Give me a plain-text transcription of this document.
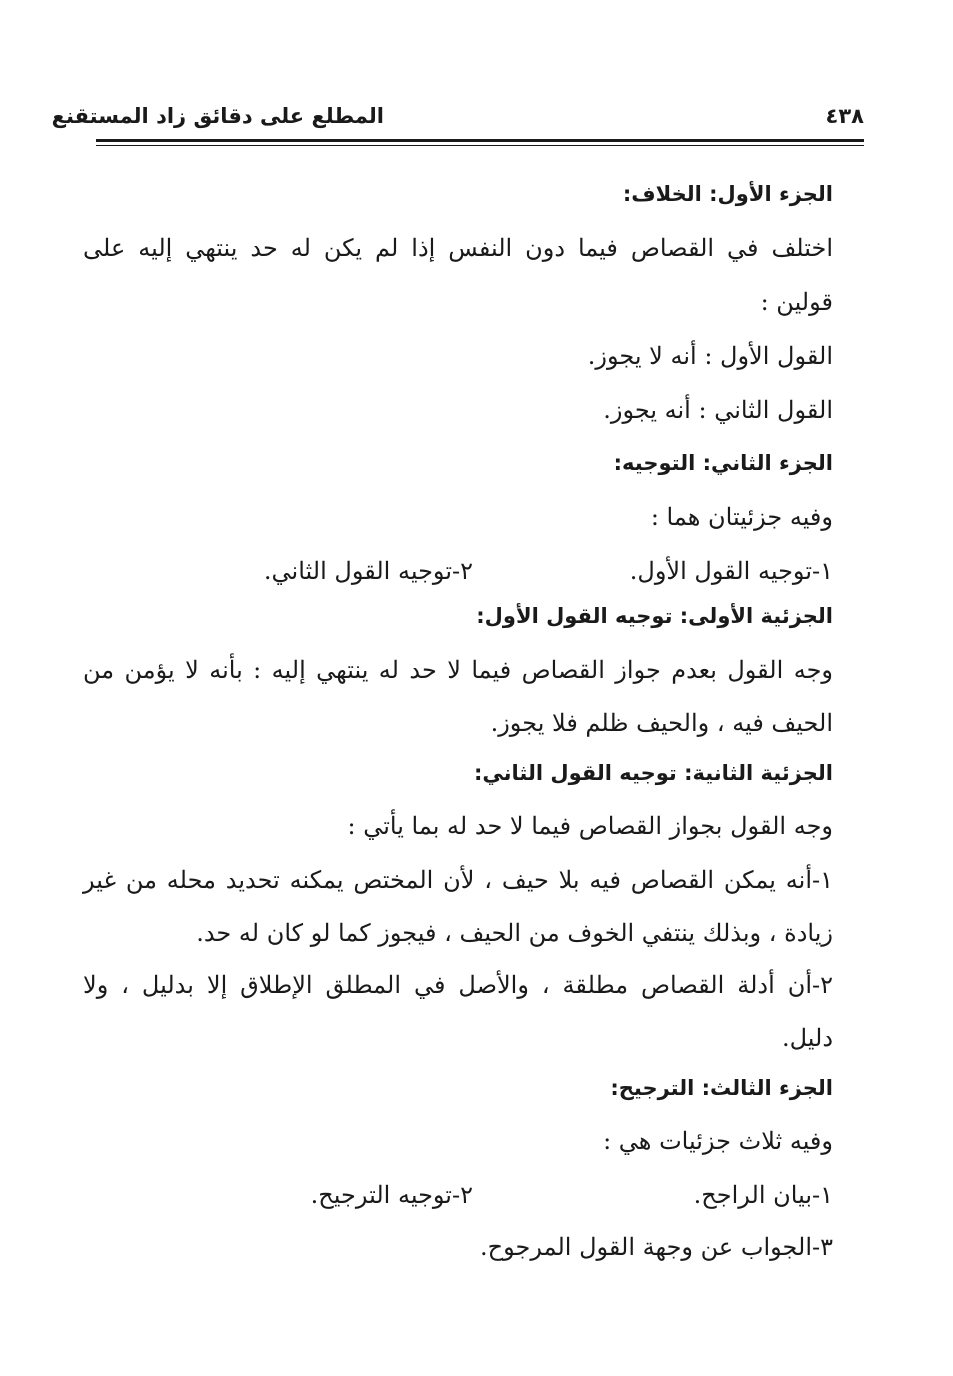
٤٣٨
المطلع على دقائق زاد المستقنع
الجزء الأول: الخلاف:
اختلف في القصاص فيما دون النفس إذا لم يكن له حد ينتهي إليه على
قولين :
القول الأول : أنه لا يجوز.
القول الثاني : أنه يجوز.
الجزء الثاني: التوجيه:
وفيه جزئيتان هما :
١-توجيه القول الأول.
٢-توجيه القول الثاني.
الجزئية الأولى: توجيه القول الأول:
وجه القول بعدم جواز القصاص فيما لا حد له ينتهي إليه : بأنه لا يؤمن من
الحيف فيه ، والحيف ظلم فلا يجوز.
الجزئية الثانية: توجيه القول الثاني:
وجه القول بجواز القصاص فيما لا حد له بما يأتي :
١-أنه يمكن القصاص فيه بلا حيف ، لأن المختص يمكنه تحديد محله من غير
زيادة ، وبذلك ينتفي الخوف من الحيف ، فيجوز كما لو كان له حد.
٢-أن أدلة القصاص مطلقة ، والأصل في المطلق الإطلاق إلا بدليل ، ولا
دليل.
الجزء الثالث: الترجيح:
وفيه ثلاث جزئيات هي :
١-بيان الراجح.
٢-توجيه الترجيح.
٣-الجواب عن وجهة القول المرجوح.
